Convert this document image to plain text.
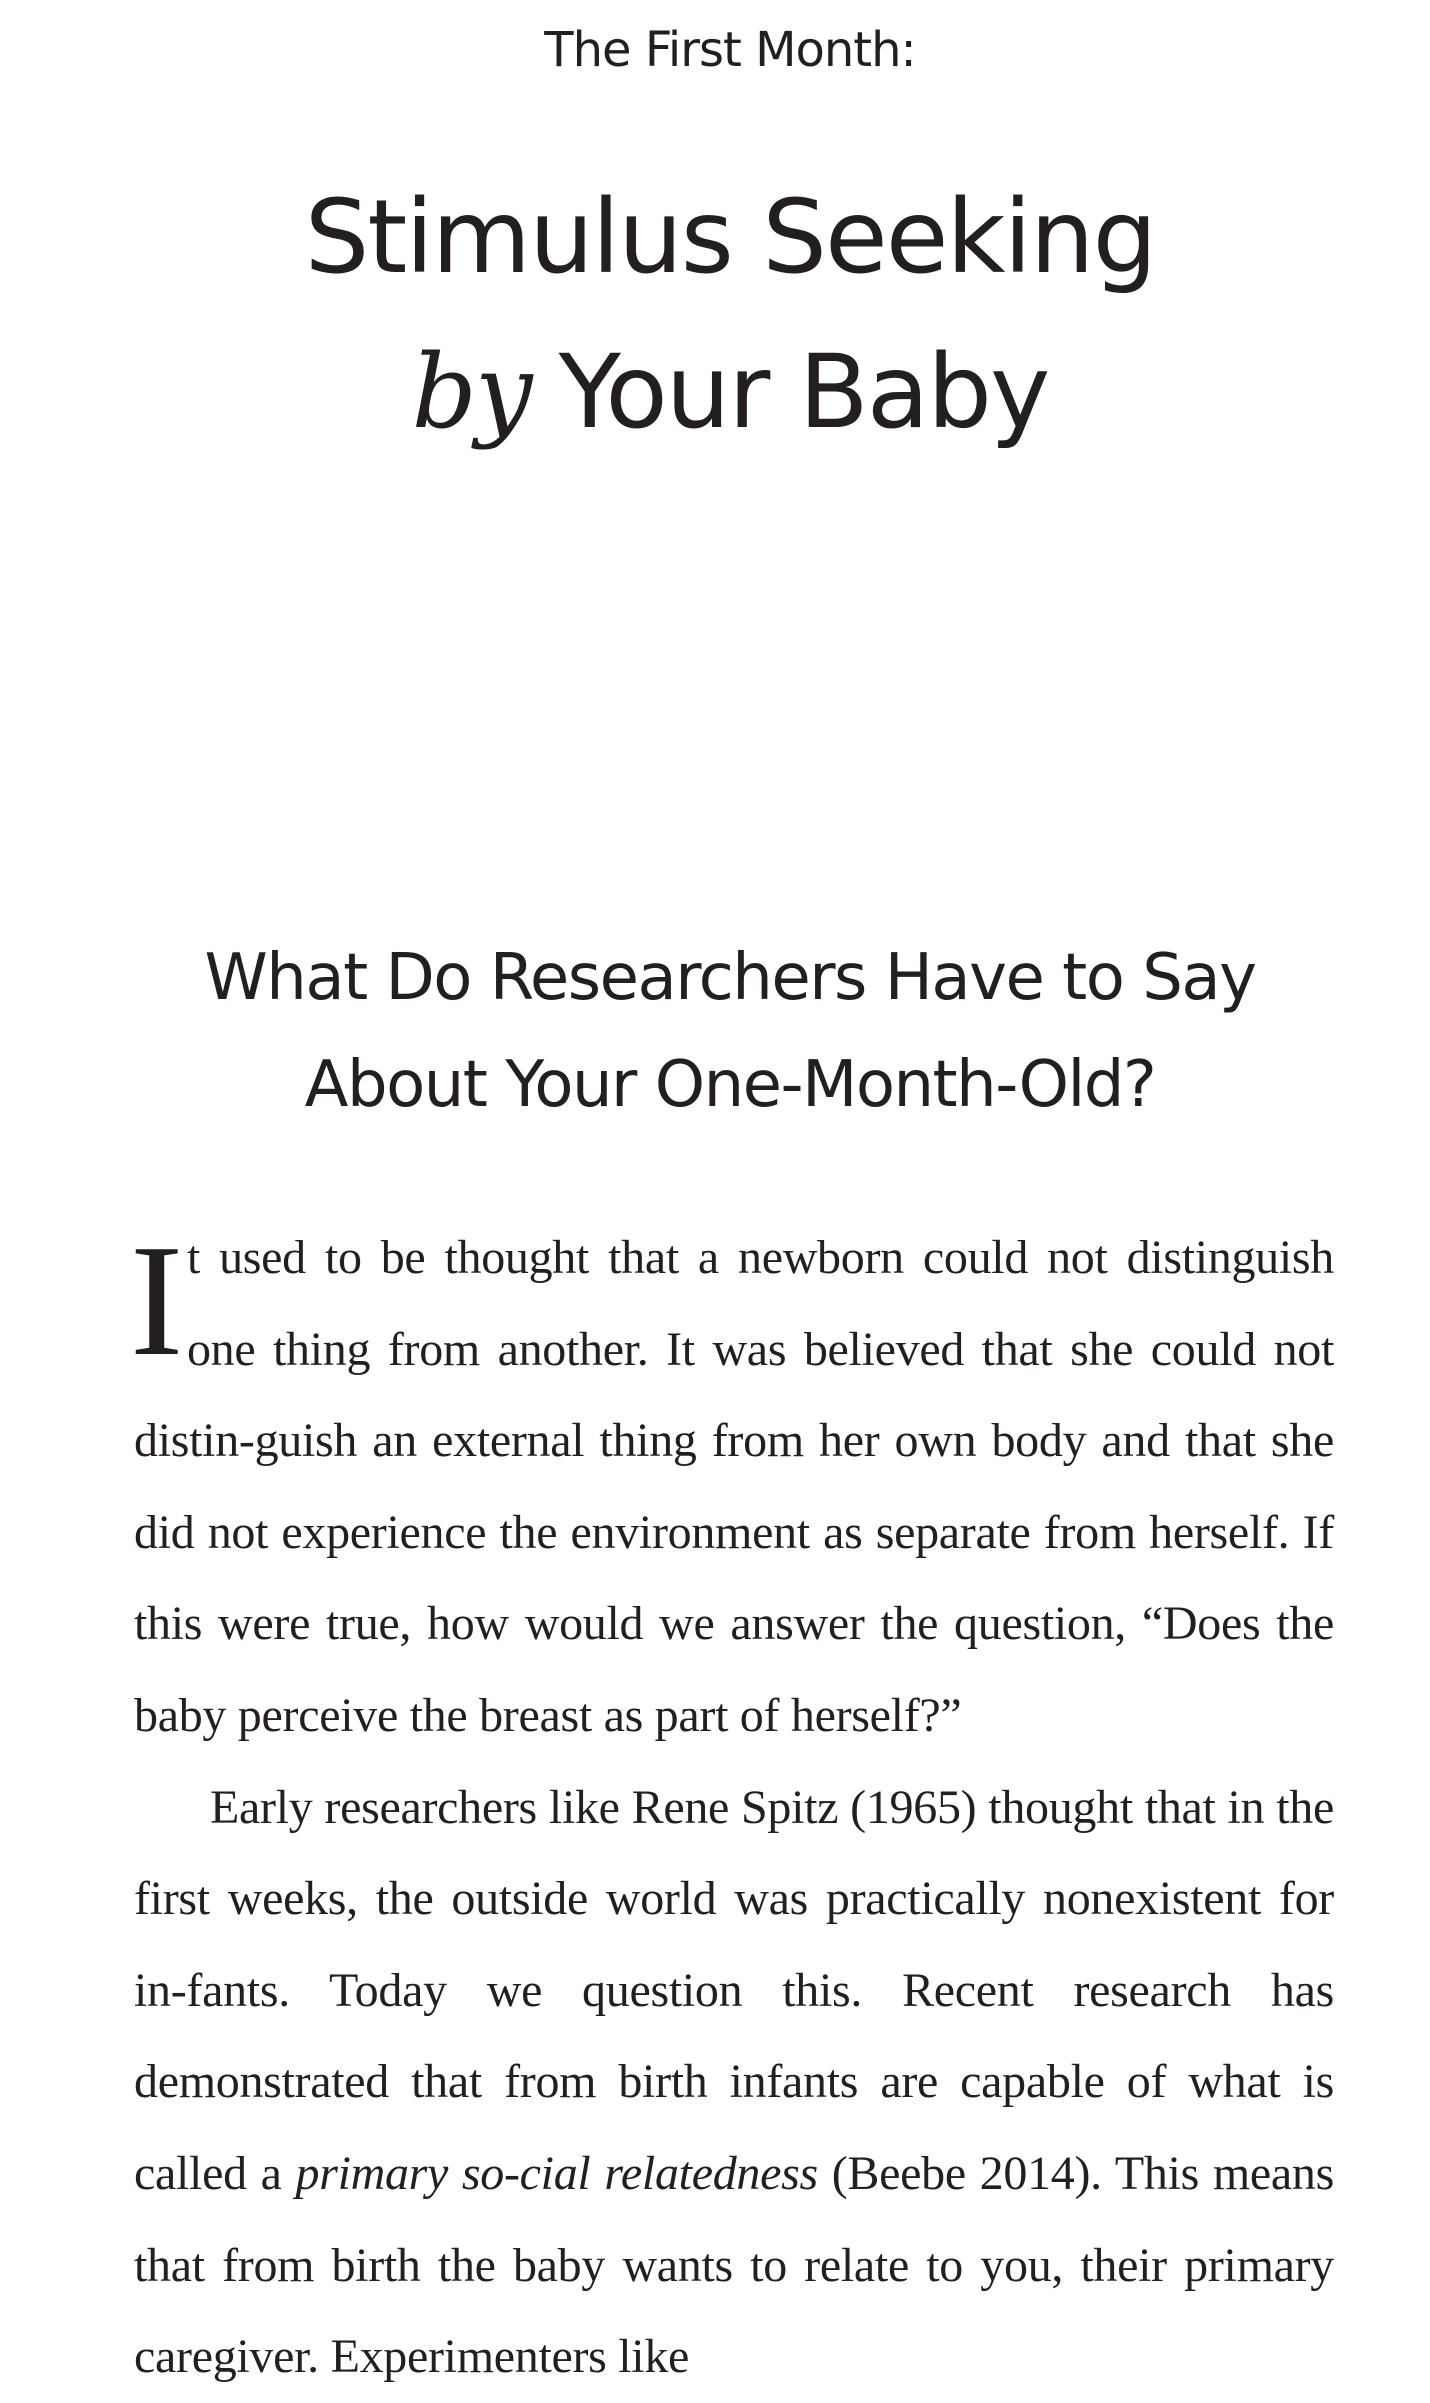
The First Month:
Stimulus Seeking
by Your Baby
What Do Researchers Have to Say
About Your One-Month-Old?

It used to be thought that a newborn could not distinguish one thing from another. It was believed that she could not distin-guish an external thing from her own body and that she did not experience the environment as separate from herself. If this were true, how would we answer the question, “Does the baby perceive the breast as part of herself?”

Early researchers like Rene Spitz (1965) thought that in the first weeks, the outside world was practically nonexistent for in-fants. Today we question this. Recent research has demonstrated that from birth infants are capable of what is called a primary so-cial relatedness (Beebe 2014). This means that from birth the baby wants to relate to you, their primary caregiver. Experimenters like
